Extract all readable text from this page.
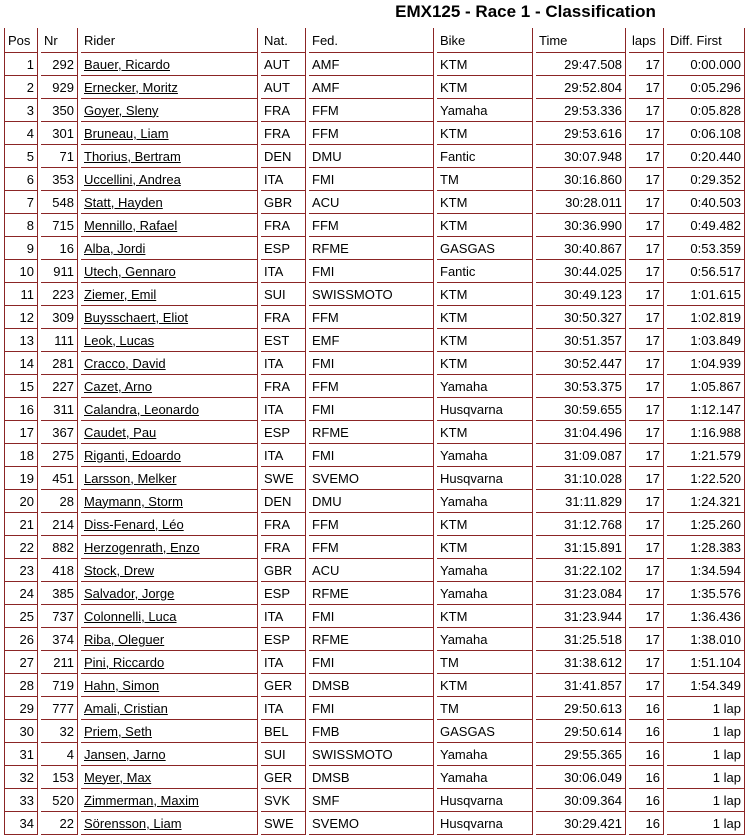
EMX125 - Race 1 - Classification
Pos	Nr	Rider	Nat.	Fed.	Bike	Time	laps	Diff. First
1	292	Bauer, Ricardo	AUT	AMF	KTM	29:47.508	17	0:00.000
2	929	Ernecker, Moritz	AUT	AMF	KTM	29:52.804	17	0:05.296
3	350	Goyer, Sleny	FRA	FFM	Yamaha	29:53.336	17	0:05.828
4	301	Bruneau, Liam	FRA	FFM	KTM	29:53.616	17	0:06.108
5	71	Thorius, Bertram	DEN	DMU	Fantic	30:07.948	17	0:20.440
6	353	Uccellini, Andrea	ITA	FMI	TM	30:16.860	17	0:29.352
7	548	Statt, Hayden	GBR	ACU	KTM	30:28.011	17	0:40.503
8	715	Mennillo, Rafael	FRA	FFM	KTM	30:36.990	17	0:49.482
9	16	Alba, Jordi	ESP	RFME	GASGAS	30:40.867	17	0:53.359
10	911	Utech, Gennaro	ITA	FMI	Fantic	30:44.025	17	0:56.517
11	223	Ziemer, Emil	SUI	SWISSMOTO	KTM	30:49.123	17	1:01.615
12	309	Buysschaert, Eliot	FRA	FFM	KTM	30:50.327	17	1:02.819
13	111	Leok, Lucas	EST	EMF	KTM	30:51.357	17	1:03.849
14	281	Cracco, David	ITA	FMI	KTM	30:52.447	17	1:04.939
15	227	Cazet, Arno	FRA	FFM	Yamaha	30:53.375	17	1:05.867
16	311	Calandra, Leonardo	ITA	FMI	Husqvarna	30:59.655	17	1:12.147
17	367	Caudet, Pau	ESP	RFME	KTM	31:04.496	17	1:16.988
18	275	Riganti, Edoardo	ITA	FMI	Yamaha	31:09.087	17	1:21.579
19	451	Larsson, Melker	SWE	SVEMO	Husqvarna	31:10.028	17	1:22.520
20	28	Maymann, Storm	DEN	DMU	Yamaha	31:11.829	17	1:24.321
21	214	Diss-Fenard, Léo	FRA	FFM	KTM	31:12.768	17	1:25.260
22	882	Herzogenrath, Enzo	FRA	FFM	KTM	31:15.891	17	1:28.383
23	418	Stock, Drew	GBR	ACU	Yamaha	31:22.102	17	1:34.594
24	385	Salvador, Jorge	ESP	RFME	Yamaha	31:23.084	17	1:35.576
25	737	Colonnelli, Luca	ITA	FMI	KTM	31:23.944	17	1:36.436
26	374	Riba, Oleguer	ESP	RFME	Yamaha	31:25.518	17	1:38.010
27	211	Pini, Riccardo	ITA	FMI	TM	31:38.612	17	1:51.104
28	719	Hahn, Simon	GER	DMSB	KTM	31:41.857	17	1:54.349
29	777	Amali, Cristian	ITA	FMI	TM	29:50.613	16	1 lap
30	32	Priem, Seth	BEL	FMB	GASGAS	29:50.614	16	1 lap
31	4	Jansen, Jarno	SUI	SWISSMOTO	Yamaha	29:55.365	16	1 lap
32	153	Meyer, Max	GER	DMSB	Yamaha	30:06.049	16	1 lap
33	520	Zimmerman, Maxim	SVK	SMF	Husqvarna	30:09.364	16	1 lap
34	22	Sörensson, Liam	SWE	SVEMO	Husqvarna	30:29.421	16	1 lap
